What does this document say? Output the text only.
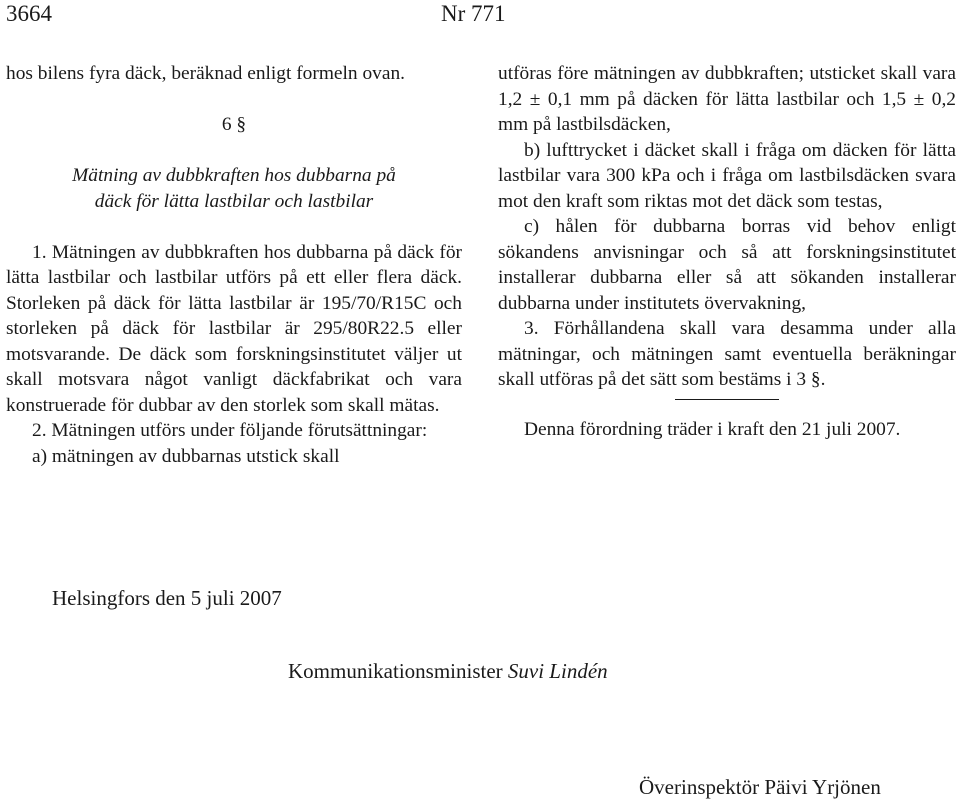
3664	Nr 771

hos bilens fyra däck, beräknad enligt formeln ovan.

6 §

Mätning av dubbkraften hos dubbarna på

däck för lätta lastbilar och lastbilar

1. Mätningen av dubbkraften hos dubbarna på däck för lätta lastbilar och lastbilar utförs på ett eller flera däck. Storleken på däck för lätta lastbilar är 195/70/R15C och storleken på däck för lastbilar är 295/80R22.5 eller motsvarande. De däck som forskningsinstitutet väljer ut skall motsvara något vanligt däckfabrikat och vara konstruerade för dubbar av den storlek som skall mätas.

2. Mätningen utförs under följande förutsättningar:

a) mätningen av dubbarnas utstick skall

utföras före mätningen av dubbkraften; utsticket skall vara 1,2 ± 0,1 mm på däcken för lätta lastbilar och 1,5 ± 0,2 mm på lastbilsdäcken,

b) lufttrycket i däcket skall i fråga om däcken för lätta lastbilar vara 300 kPa och i fråga om lastbilsdäcken svara mot den kraft som riktas mot det däck som testas,

c) hålen för dubbarna borras vid behov enligt sökandens anvisningar och så att forskningsinstitutet installerar dubbarna eller så att sökanden installerar dubbarna under institutets övervakning,

3. Förhållandena skall vara desamma under alla mätningar, och mätningen samt eventuella beräkningar skall utföras på det sätt som bestäms i 3 §.

Denna förordning träder i kraft den 21 juli 2007.

Helsingfors den 5 juli 2007
Kommunikationsminister Suvi Lindén
Överinspektör Päivi Yrjönen
